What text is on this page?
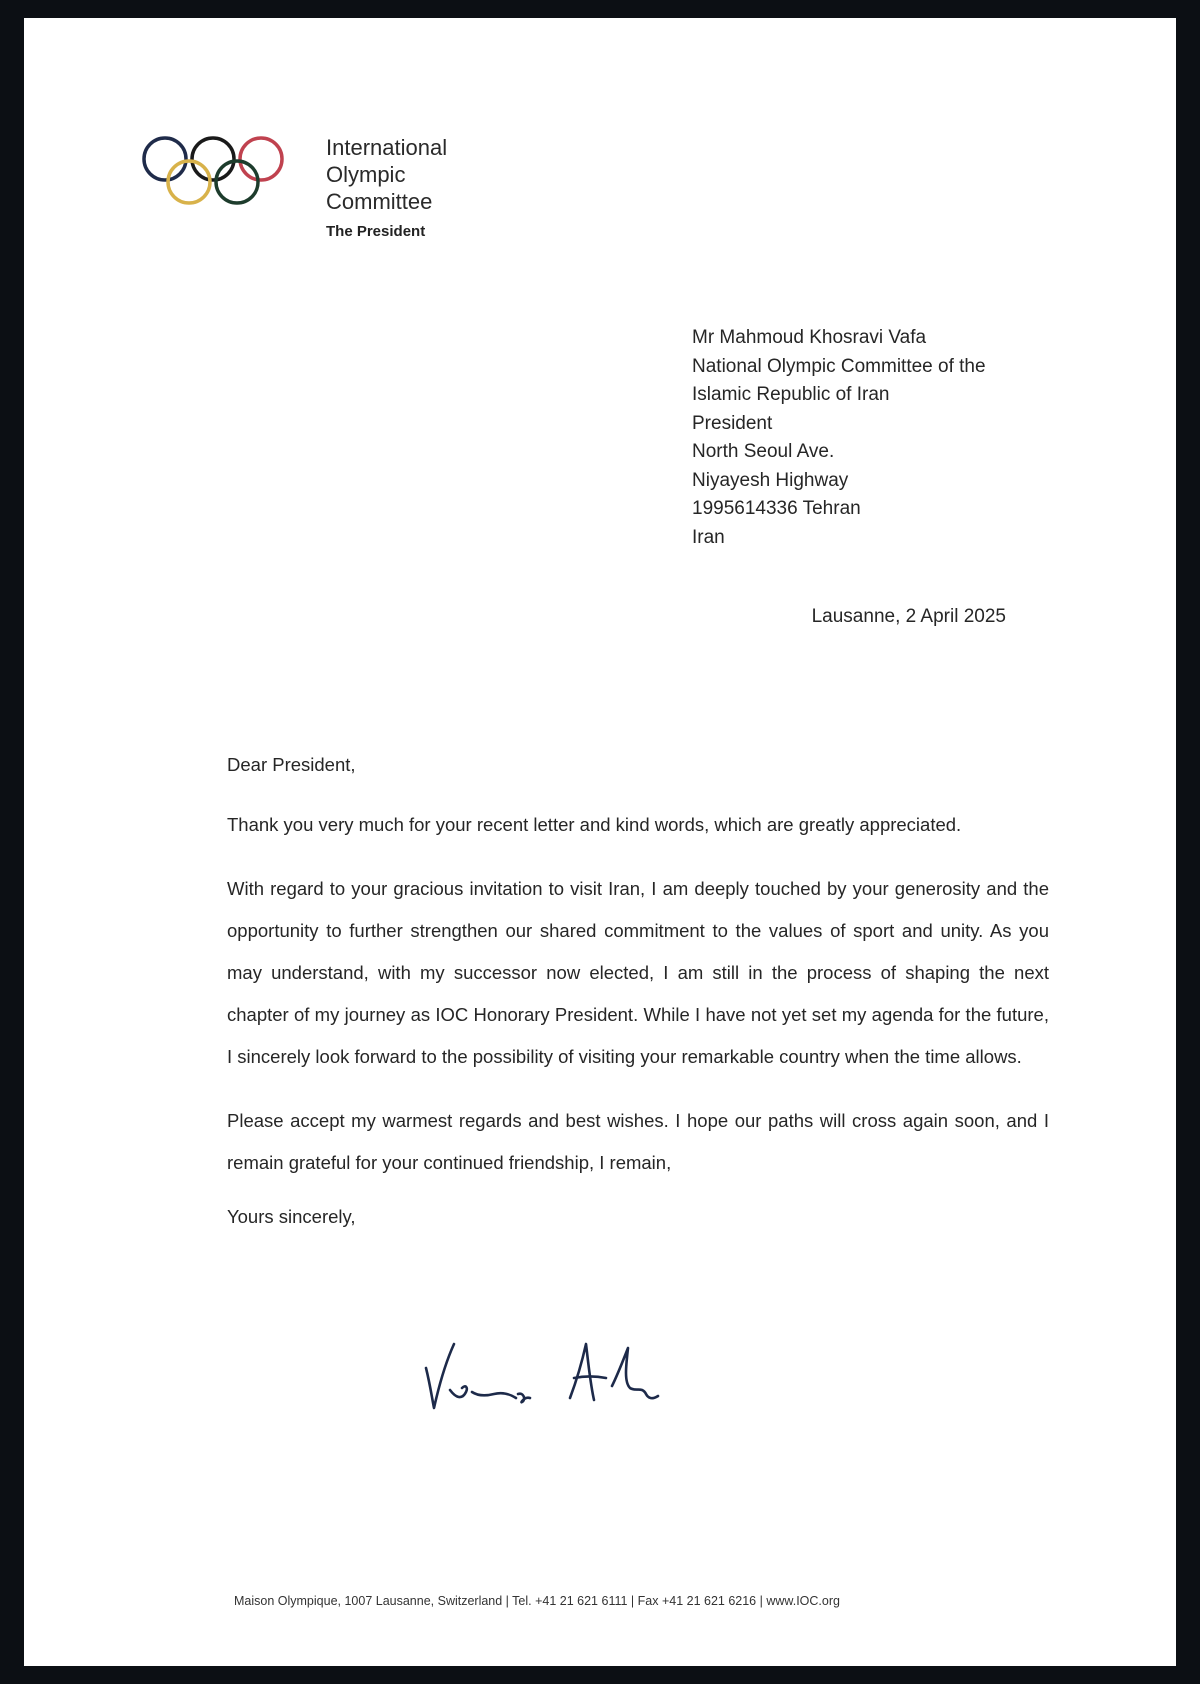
International
Olympic
Committee
The President
Mr Mahmoud Khosravi Vafa
National Olympic Committee of the
Islamic Republic of Iran
President
North Seoul Ave.
Niyayesh Highway
1995614336 Tehran
Iran
Lausanne, 2 April 2025

Dear President,

Thank you very much for your recent letter and kind words, which are greatly appreciated.

With regard to your gracious invitation to visit Iran, I am deeply touched by your generosity and the opportunity to further strengthen our shared commitment to the values of sport and unity. As you may understand, with my successor now elected, I am still in the process of shaping the next chapter of my journey as IOC Honorary President. While I have not yet set my agenda for the future, I sincerely look forward to the possibility of visiting your remarkable country when the time allows.

Please accept my warmest regards and best wishes. I hope our paths will cross again soon, and I remain grateful for your continued friendship, I remain,

Yours sincerely,

Maison Olympique, 1007 Lausanne, Switzerland | Tel. +41 21 621 6111 | Fax +41 21 621 6216 | www.IOC.org
